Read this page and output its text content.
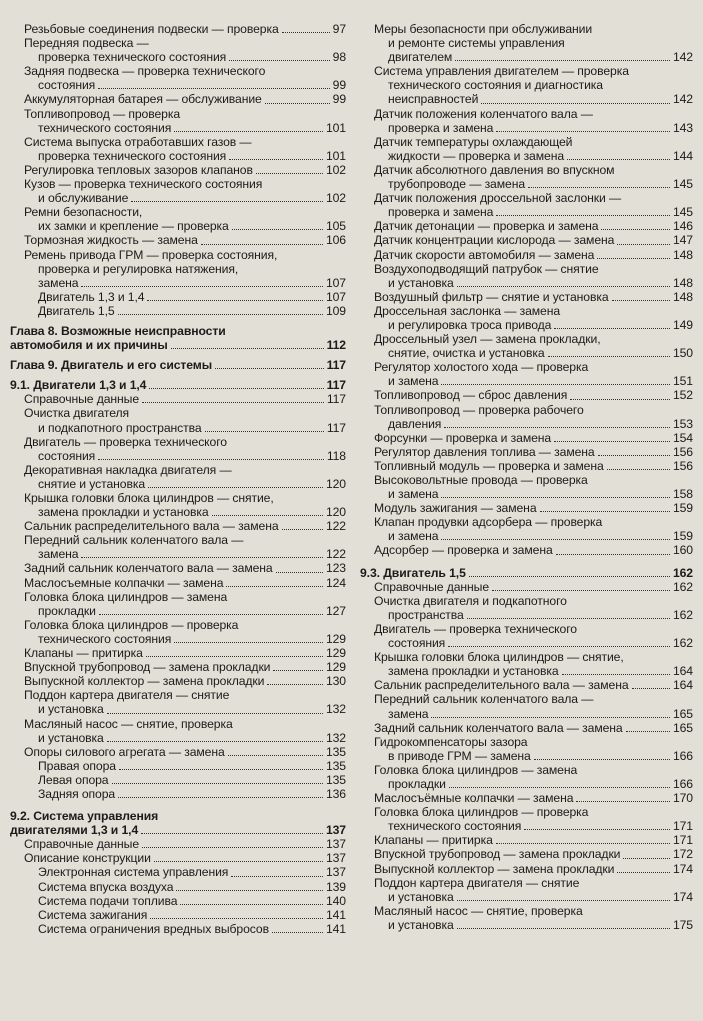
Резьбовые соединения подвески — проверка	97
Передняя подвеска —
проверка технического состояния	98
Задняя подвеска — проверка технического
состояния	99
Аккумуляторная батарея — обслуживание	99
Топливопровод — проверка
технического состояния	101
Система выпуска отработавших газов —
проверка технического состояния	101
Регулировка тепловых зазоров клапанов	102
Кузов — проверка технического состояния
и обслуживание	102
Ремни безопасности,
их замки и крепление — проверка	105
Тормозная жидкость — замена	106
Ремень привода ГРМ — проверка состояния,
проверка и регулировка натяжения,
замена	107
Двигатель 1,3 и 1,4	107
Двигатель 1,5	109
Глава 8. Возможные неисправности
автомобиля и их причины	112
Глава 9. Двигатель и его системы	117
9.1. Двигатели 1,3 и 1,4	117
Справочные данные	117
Очистка двигателя
и подкапотного пространства	117
Двигатель — проверка технического
состояния	118
Декоративная накладка двигателя —
снятие и установка	120
Крышка головки блока цилиндров — снятие,
замена прокладки и установка	120
Сальник распределительного вала — замена	122
Передний сальник коленчатого вала —
замена	122
Задний сальник коленчатого вала — замена	123
Маслосъемные колпачки — замена	124
Головка блока цилиндров — замена
прокладки	127
Головка блока цилиндров — проверка
технического состояния	129
Клапаны — притирка	129
Впускной трубопровод — замена прокладки	129
Выпускной коллектор — замена прокладки	130
Поддон картера двигателя — снятие
и установка	132
Масляный насос — снятие, проверка
и установка	132
Опоры силового агрегата — замена	135
Правая опора	135
Левая опора	135
Задняя опора	136
9.2. Система управления
двигателями 1,3 и 1,4	137
Справочные данные	137
Описание конструкции	137
Электронная система управления	137
Система впуска воздуха	139
Система подачи топлива	140
Система зажигания	141
Система ограничения вредных выбросов	141
Меры безопасности при обслуживании
и ремонте системы управления
двигателем	142
Система управления двигателем — проверка
технического состояния и диагностика
неисправностей	142
Датчик положения коленчатого вала —
проверка и замена	143
Датчик температуры охлаждающей
жидкости — проверка и замена	144
Датчик абсолютного давления во впускном
трубопроводе — замена	145
Датчик положения дроссельной заслонки —
проверка и замена	145
Датчик детонации — проверка и замена	146
Датчик концентрации кислорода — замена	147
Датчик скорости автомобиля — замена	148
Воздухоподводящий патрубок — снятие
и установка	148
Воздушный фильтр — снятие и установка	148
Дроссельная заслонка — замена
и регулировка троса привода	149
Дроссельный узел — замена прокладки,
снятие, очистка и установка	150
Регулятор холостого хода — проверка
и замена	151
Топливопровод — сброс давления	152
Топливопровод — проверка рабочего
давления	153
Форсунки — проверка и замена	154
Регулятор давления топлива — замена	156
Топливный модуль — проверка и замена	156
Высоковольтные провода — проверка
и замена	158
Модуль зажигания — замена	159
Клапан продувки адсорбера — проверка
и замена	159
Адсорбер — проверка и замена	160
9.3. Двигатель 1,5	162
Справочные данные	162
Очистка двигателя и подкапотного
пространства	162
Двигатель — проверка технического
состояния	162
Крышка головки блока цилиндров — снятие,
замена прокладки и установка	164
Сальник распределительного вала — замена	164
Передний сальник коленчатого вала —
замена	165
Задний сальник коленчатого вала — замена	165
Гидрокомпенсаторы зазора
в приводе ГРМ — замена	166
Головка блока цилиндров — замена
прокладки	166
Маслосъёмные колпачки — замена	170
Головка блока цилиндров — проверка
технического состояния	171
Клапаны — притирка	171
Впускной трубопровод — замена прокладки	172
Выпускной коллектор — замена прокладки	174
Поддон картера двигателя — снятие
и установка	174
Масляный насос — снятие, проверка
и установка	175
